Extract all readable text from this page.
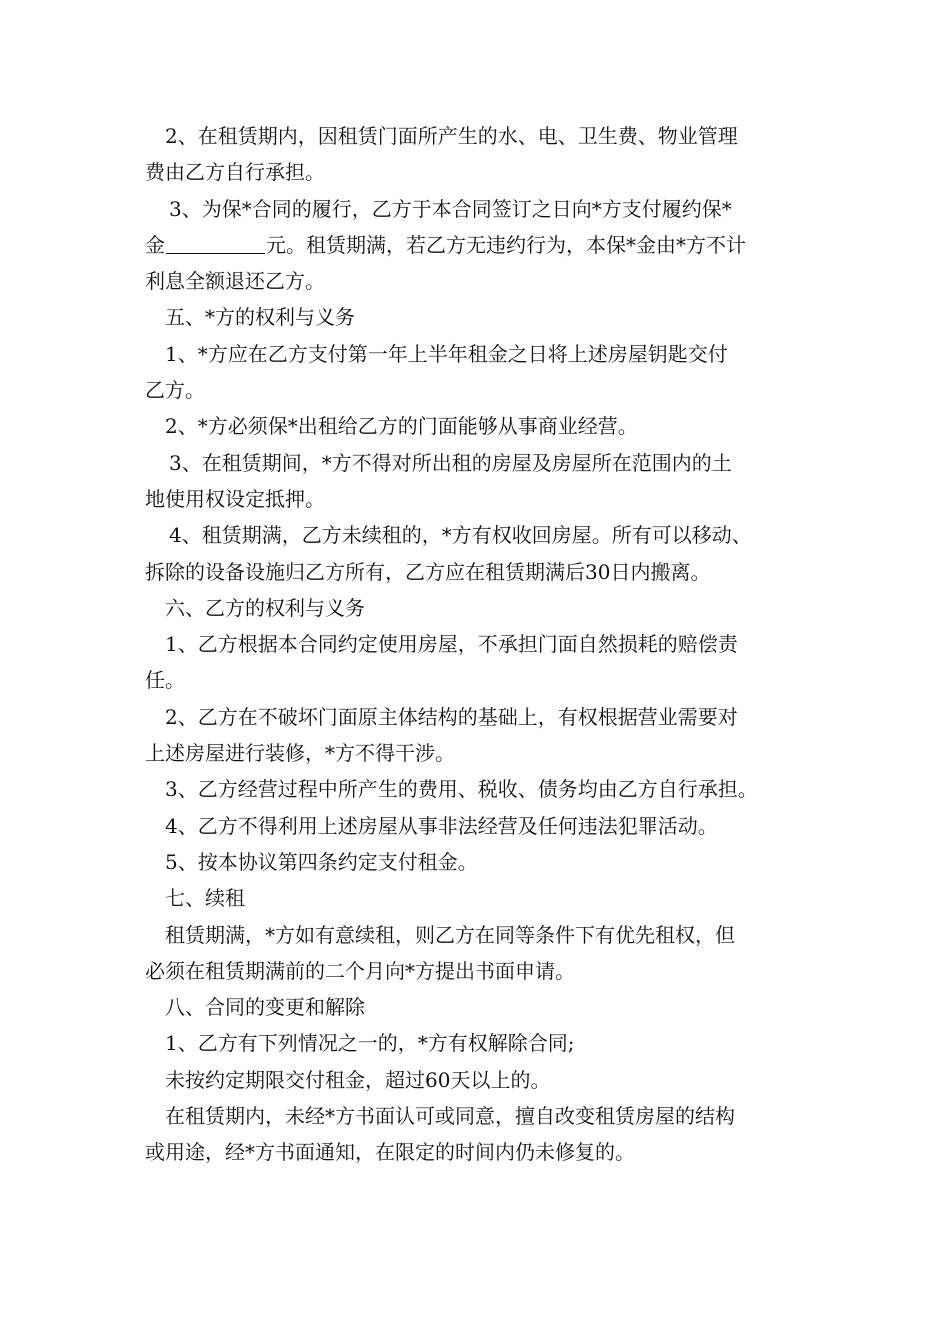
2、在租赁期内，因租赁门面所产生的水、电、卫生费、物业管理
费由乙方自行承担。
3、为保*合同的履行，乙方于本合同签订之日向*方支付履约保*
金	元。租赁期满，若乙方无违约行为，本保*金由*方不计
利息全额退还乙方。
五、*方的权利与义务
1、*方应在乙方支付第一年上半年租金之日将上述房屋钥匙交付
乙方。
2、*方必须保*出租给乙方的门面能够从事商业经营。
3、在租赁期间，*方不得对所出租的房屋及房屋所在范围内的土
地使用权设定抵押。
4、租赁期满，乙方未续租的，*方有权收回房屋。所有可以移动、
拆除的设备设施归乙方所有，乙方应在租赁期满后30日内搬离。
六、乙方的权利与义务
1、乙方根据本合同约定使用房屋，不承担门面自然损耗的赔偿责
任。
2、乙方在不破坏门面原主体结构的基础上，有权根据营业需要对
上述房屋进行装修，*方不得干涉。
3、乙方经营过程中所产生的费用、税收、债务均由乙方自行承担。
4、乙方不得利用上述房屋从事非法经营及任何违法犯罪活动。
5、按本协议第四条约定支付租金。
七、续租
租赁期满，*方如有意续租，则乙方在同等条件下有优先租权，但
必须在租赁期满前的二个月向*方提出书面申请。
八、合同的变更和解除
1、乙方有下列情况之一的，*方有权解除合同;
未按约定期限交付租金，超过60天以上的。
在租赁期内，未经*方书面认可或同意，擅自改变租赁房屋的结构
或用途，经*方书面通知，在限定的时间内仍未修复的。
